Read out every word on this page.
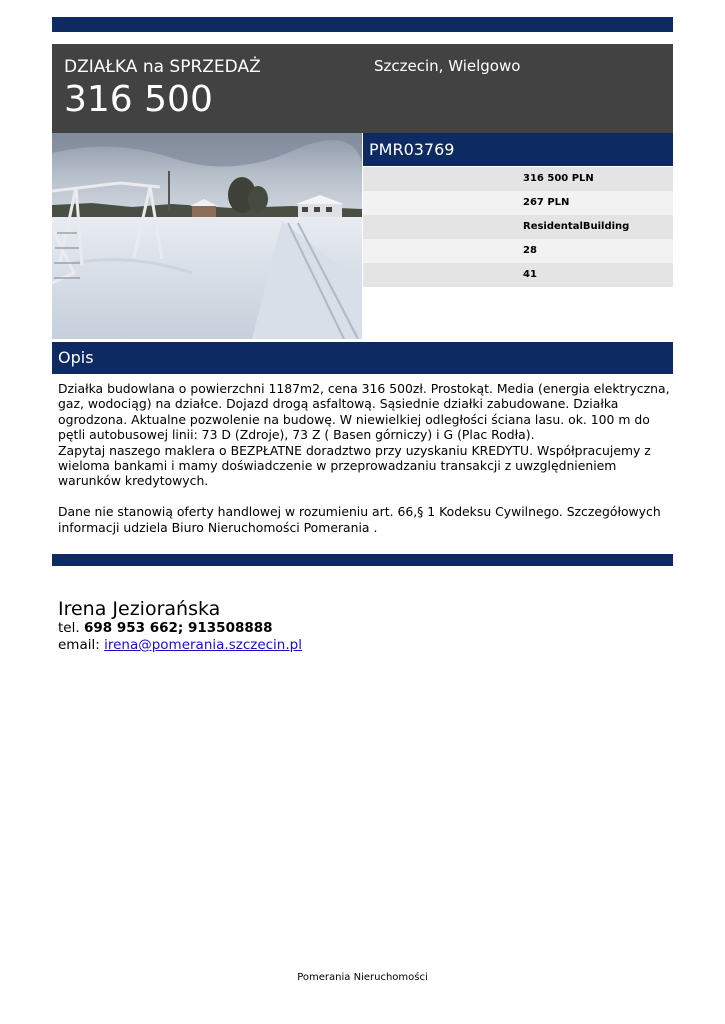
DZIAŁKA na SPRZEDAŻ
316 500
Szczecin, Wielgowo
PMR03769
316 500 PLN
267 PLN
ResidentalBuilding
28
41
Opis

Działka budowlana o powierzchni 1187m2, cena 316 500zł. Prostokąt. Media (energia elektryczna, gaz, wodociąg) na działce. Dojazd drogą asfaltową. Sąsiednie działki zabudowane. Działka ogrodzona. Aktualne pozwolenie na budowę. W niewielkiej odległości ściana lasu. ok. 100 m do pętli autobusowej linii: 73 D (Zdroje), 73 Z ( Basen górniczy) i G (Plac Rodła).
Zapytaj naszego maklera o BEZPŁATNE doradztwo przy uzyskaniu KREDYTU. Współpracujemy z wieloma bankami i mamy doświadczenie w przeprowadzaniu transakcji z uwzględnieniem warunków kredytowych.

Dane nie stanowią oferty handlowej w rozumieniu art. 66,§ 1 Kodeksu Cywilnego. Szczegółowych informacji udziela Biuro Nieruchomości Pomerania .

Irena Jeziorańska
tel. 698 953 662; 913508888
email: irena@pomerania.szczecin.pl
Pomerania Nieruchomości
